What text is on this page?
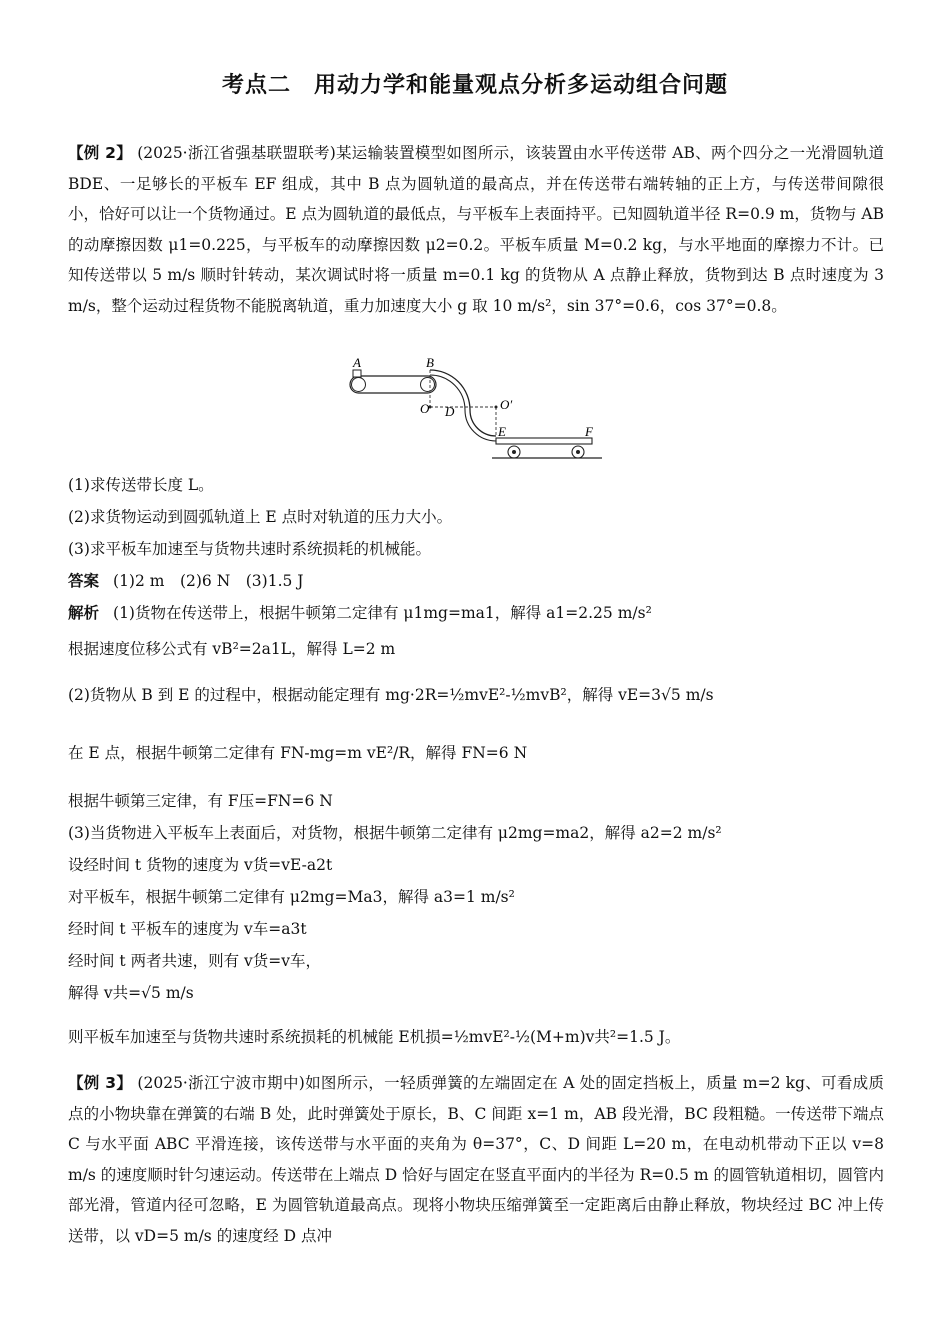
考点二　用动力学和能量观点分析多运动组合问题

【例 2】 (2025·浙江省强基联盟联考)某运输装置模型如图所示，该装置由水平传送带 AB、两个四分之一光滑圆轨道 BDE、一足够长的平板车 EF 组成，其中 B 点为圆轨道的最高点，并在传送带右端转轴的正上方，与传送带间隙很小，恰好可以让一个货物通过。E 点为圆轨道的最低点，与平板车上表面持平。已知圆轨道半径 R=0.9 m，货物与 AB 的动摩擦因数 μ1=0.225，与平板车的动摩擦因数 μ2=0.2。平板车质量 M=0.2 kg，与水平地面的摩擦力不计。已知传送带以 5 m/s 顺时针转动，某次调试时将一质量 m=0.1 kg 的货物从 A 点静止释放，货物到达 B 点时速度为 3 m/s，整个运动过程货物不能脱离轨道，重力加速度大小 g 取 10 m/s²，sin 37°=0.6，cos 37°=0.8。

A	B
O D	O′
E	F
(1)求传送带长度 L。
(2)求货物运动到圆弧轨道上 E 点时对轨道的压力大小。
(3)求平板车加速至与货物共速时系统损耗的机械能。
答案 (1)2 m　(2)6 N　(3)1.5 J
解析 (1)货物在传送带上，根据牛顿第二定律有 μ1mg=ma1，解得 a1=2.25 m/s²
根据速度位移公式有 vB²=2a1L，解得 L=2 m
(2)货物从 B 到 E 的过程中，根据动能定理有 mg·2R=½mvE²-½mvB²，解得 vE=3√5 m/s
在 E 点，根据牛顿第二定律有 FN-mg=m vE²/R，解得 FN=6 N
根据牛顿第三定律，有 F压=FN=6 N
(3)当货物进入平板车上表面后，对货物，根据牛顿第二定律有 μ2mg=ma2，解得 a2=2 m/s²
设经时间 t 货物的速度为 v货=vE-a2t
对平板车，根据牛顿第二定律有 μ2mg=Ma3，解得 a3=1 m/s²
经时间 t 平板车的速度为 v车=a3t
经时间 t 两者共速，则有 v货=v车，
解得 v共=√5 m/s
则平板车加速至与货物共速时系统损耗的机械能 E机损=½mvE²-½(M+m)v共²=1.5 J。

【例 3】 (2025·浙江宁波市期中)如图所示，一轻质弹簧的左端固定在 A 处的固定挡板上，质量 m=2 kg、可看成质点的小物块靠在弹簧的右端 B 处，此时弹簧处于原长，B、C 间距 x=1 m，AB 段光滑，BC 段粗糙。一传送带下端点 C 与水平面 ABC 平滑连接，该传送带与水平面的夹角为 θ=37°，C、D 间距 L=20 m，在电动机带动下正以 v=8 m/s 的速度顺时针匀速运动。传送带在上端点 D 恰好与固定在竖直平面内的半径为 R=0.5 m 的圆管轨道相切，圆管内部光滑，管道内径可忽略，E 为圆管轨道最高点。现将小物块压缩弹簧至一定距离后由静止释放，物块经过 BC 冲上传送带，以 vD=5 m/s 的速度经 D 点冲
